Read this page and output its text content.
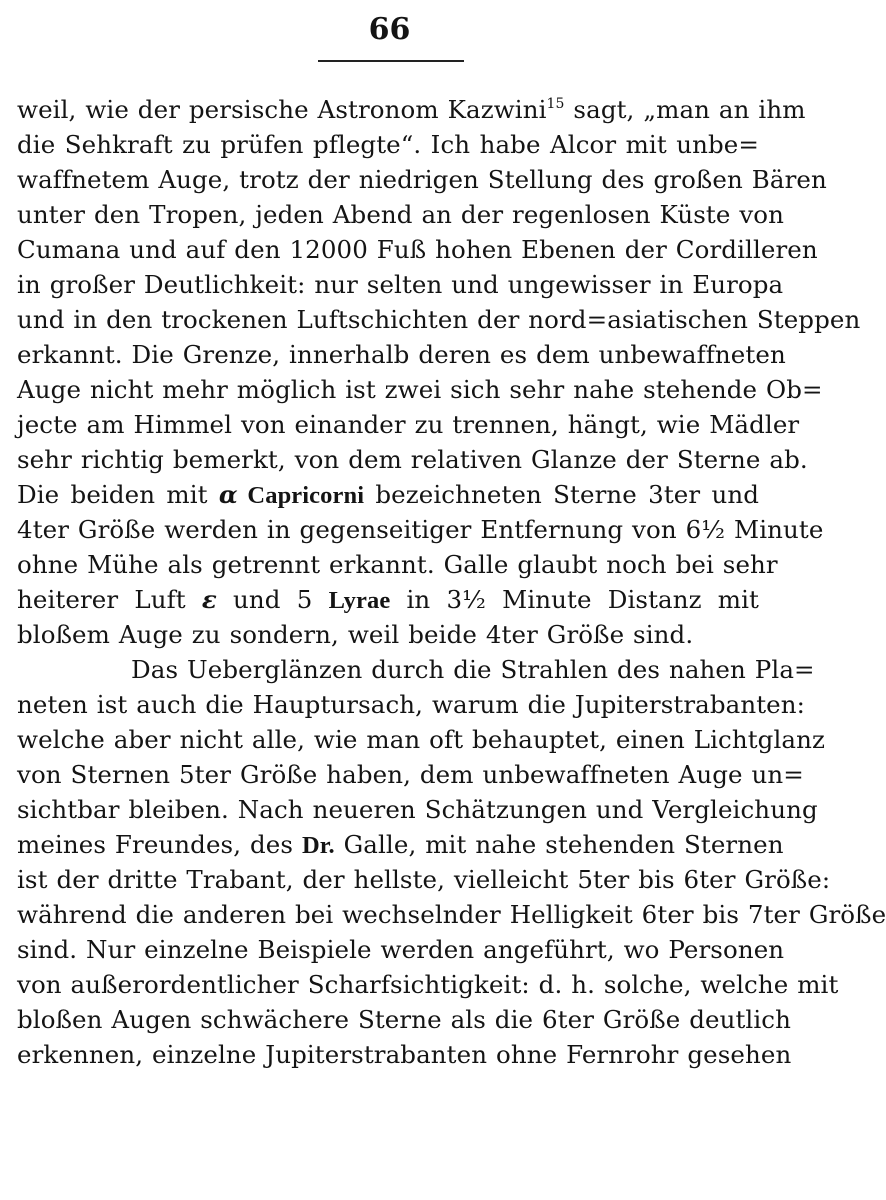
66
weil, wie der persische Astronom Kazwini$^{15}$ sagt, „man an ihm
die Sehkraft zu prüfen pflegte“. Ich habe Alcor mit unbe=
waffnetem Auge, trotz der niedrigen Stellung des großen Bären
unter den Tropen, jeden Abend an der regenlosen Küste von
Cumana und auf den 12000 Fuß hohen Ebenen der Cordilleren
in großer Deutlichkeit: nur selten und ungewisser in Europa
und in den trockenen Luftschichten der nord=asiatischen Steppen
erkannt. Die Grenze, innerhalb deren es dem unbewaffneten
Auge nicht mehr möglich ist zwei sich sehr nahe stehende Ob=
jecte am Himmel von einander zu trennen, hängt, wie Mädler
sehr richtig bemerkt, von dem relativen Glanze der Sterne ab.
Die beiden mit α Capricorni bezeichneten Sterne 3ter und
4ter Größe werden in gegenseitiger Entfernung von 6½ Minute
ohne Mühe als getrennt erkannt. Galle glaubt noch bei sehr
heiterer Luft ε und 5 Lyrae in 3½ Minute Distanz mit
bloßem Auge zu sondern, weil beide 4ter Größe sind.
Das Ueberglänzen durch die Strahlen des nahen Pla=
neten ist auch die Hauptursach, warum die Jupiterstrabanten:
welche aber nicht alle, wie man oft behauptet, einen Lichtglanz
von Sternen 5ter Größe haben, dem unbewaffneten Auge un=
sichtbar bleiben. Nach neueren Schätzungen und Vergleichung
meines Freundes, des Dr. Galle, mit nahe stehenden Sternen
ist der dritte Trabant, der hellste, vielleicht 5ter bis 6ter Größe:
während die anderen bei wechselnder Helligkeit 6ter bis 7ter Größe
sind. Nur einzelne Beispiele werden angeführt, wo Personen
von außerordentlicher Scharfsichtigkeit: d. h. solche, welche mit
bloßen Augen schwächere Sterne als die 6ter Größe deutlich
erkennen, einzelne Jupiterstrabanten ohne Fernrohr gesehen
